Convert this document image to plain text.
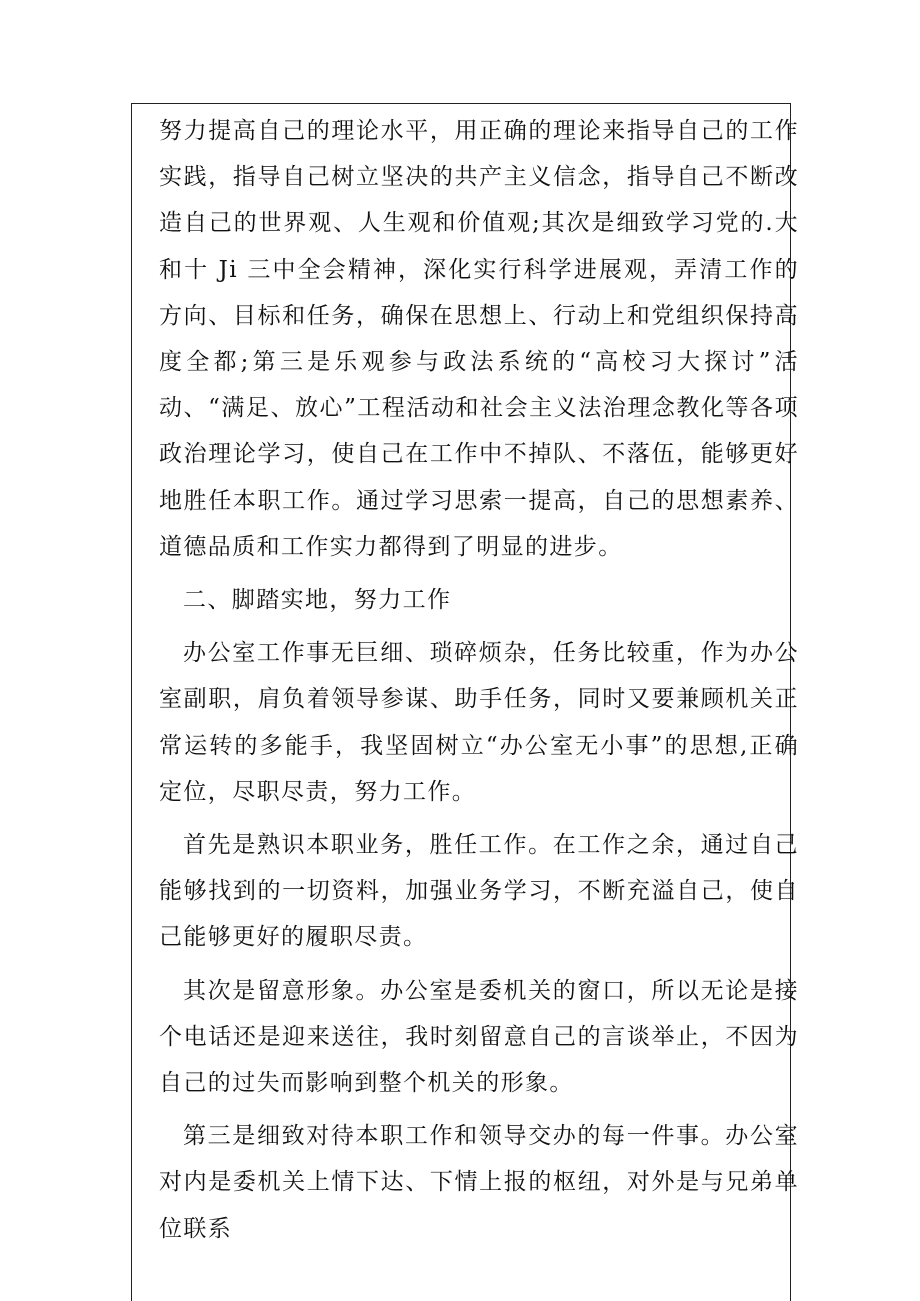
努力提高自己的理论水平，用正确的理论来指导自己的工作实践，指导自己树立坚决的共产主义信念，指导自己不断改造自己的世界观、人生观和价值观;其次是细致学习党的.大和十 Ji 三中全会精神，深化实行科学进展观，弄清工作的方向、目标和任务，确保在思想上、行动上和党组织保持高度全都;第三是乐观参与政法系统的“高校习大探讨”活动、“满足、放心”工程活动和社会主义法治理念教化等各项政治理论学习，使自己在工作中不掉队、不落伍，能够更好地胜任本职工作。通过学习思索一提高，自己的思想素养、道德品质和工作实力都得到了明显的进步。

二、脚踏实地，努力工作

办公室工作事无巨细、琐碎烦杂，任务比较重，作为办公室副职，肩负着领导参谋、助手任务，同时又要兼顾机关正常运转的多能手，我坚固树立“办公室无小事”的思想,正确定位，尽职尽责，努力工作。

首先是熟识本职业务，胜任工作。在工作之余，通过自己能够找到的一切资料，加强业务学习，不断充溢自己，使自己能够更好的履职尽责。

其次是留意形象。办公室是委机关的窗口，所以无论是接个电话还是迎来送往，我时刻留意自己的言谈举止，不因为自己的过失而影响到整个机关的形象。

第三是细致对待本职工作和领导交办的每一件事。办公室对内是委机关上情下达、下情上报的枢纽，对外是与兄弟单位联系
